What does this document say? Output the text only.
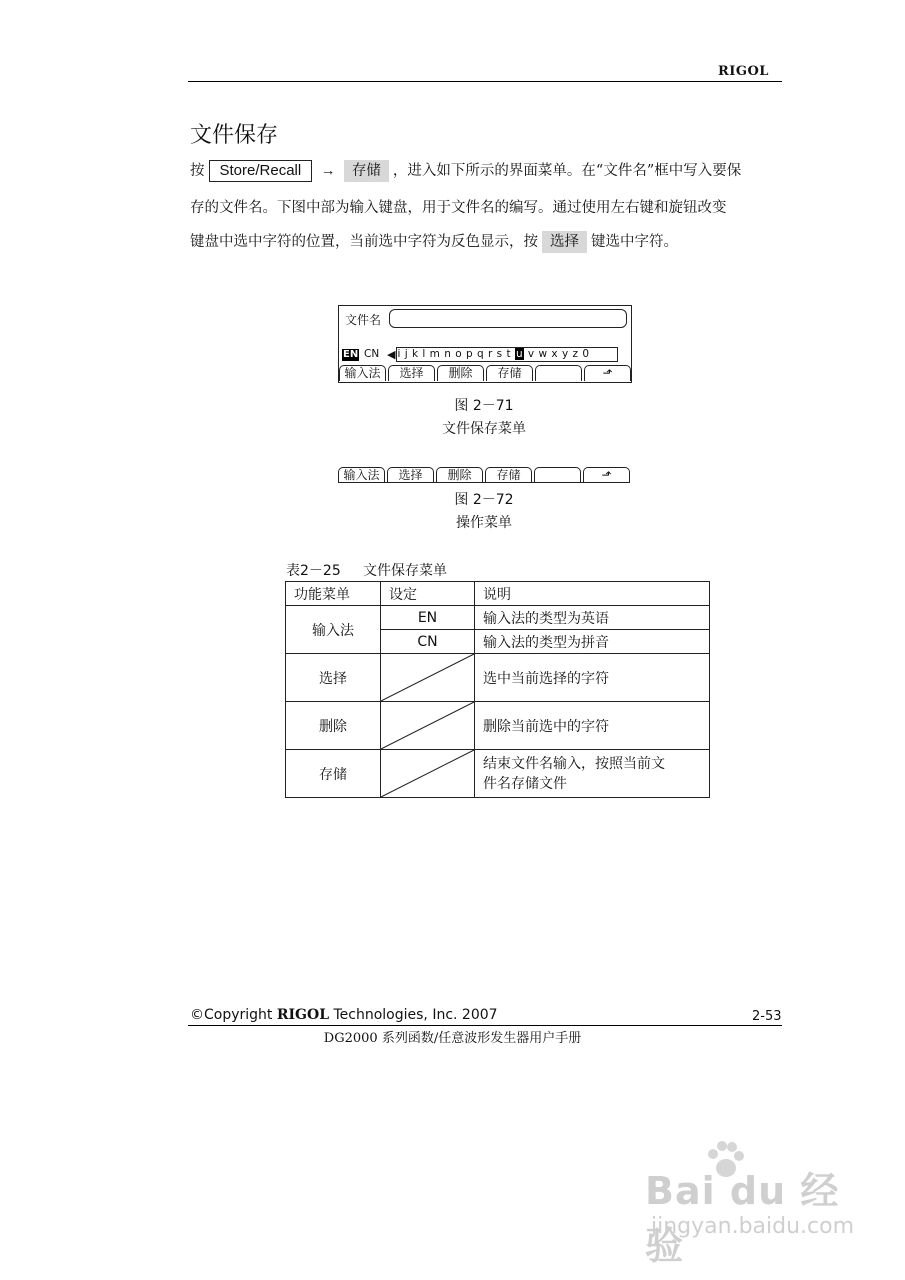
RIGOL
文件保存
按 Store/Recall → 存储 ，进入如下所示的界面菜单。在“文件名”框中写入要保
存的文件名。下图中部为输入键盘，用于文件名的编写。通过使用左右键和旋钮改变
键盘中选中字符的位置，当前选中字符为反色显示，按 选择 键选中字符。
文件名
EN CN ◀ i j k l m n o p q r s t u v w x y z 0
输入法	选择	删除	存储	⬏
图 2－71
文件保存菜单
输入法	选择	删除	存储	⬏
图 2－72
操作菜单
表2－25 文件保存菜单
功能菜单	设定	说明
输入法	EN	输入法的类型为英语
	CN	输入法的类型为拼音
选择		选中当前选择的字符
删除		删除当前选中的字符
存储		结束文件名输入，按照当前文
件名存储文件
©Copyright RIGOL Technologies, Inc. 2007	2-53
DG2000 系列函数/任意波形发生器用户手册
Bai du 经验
jingyan.baidu.com
